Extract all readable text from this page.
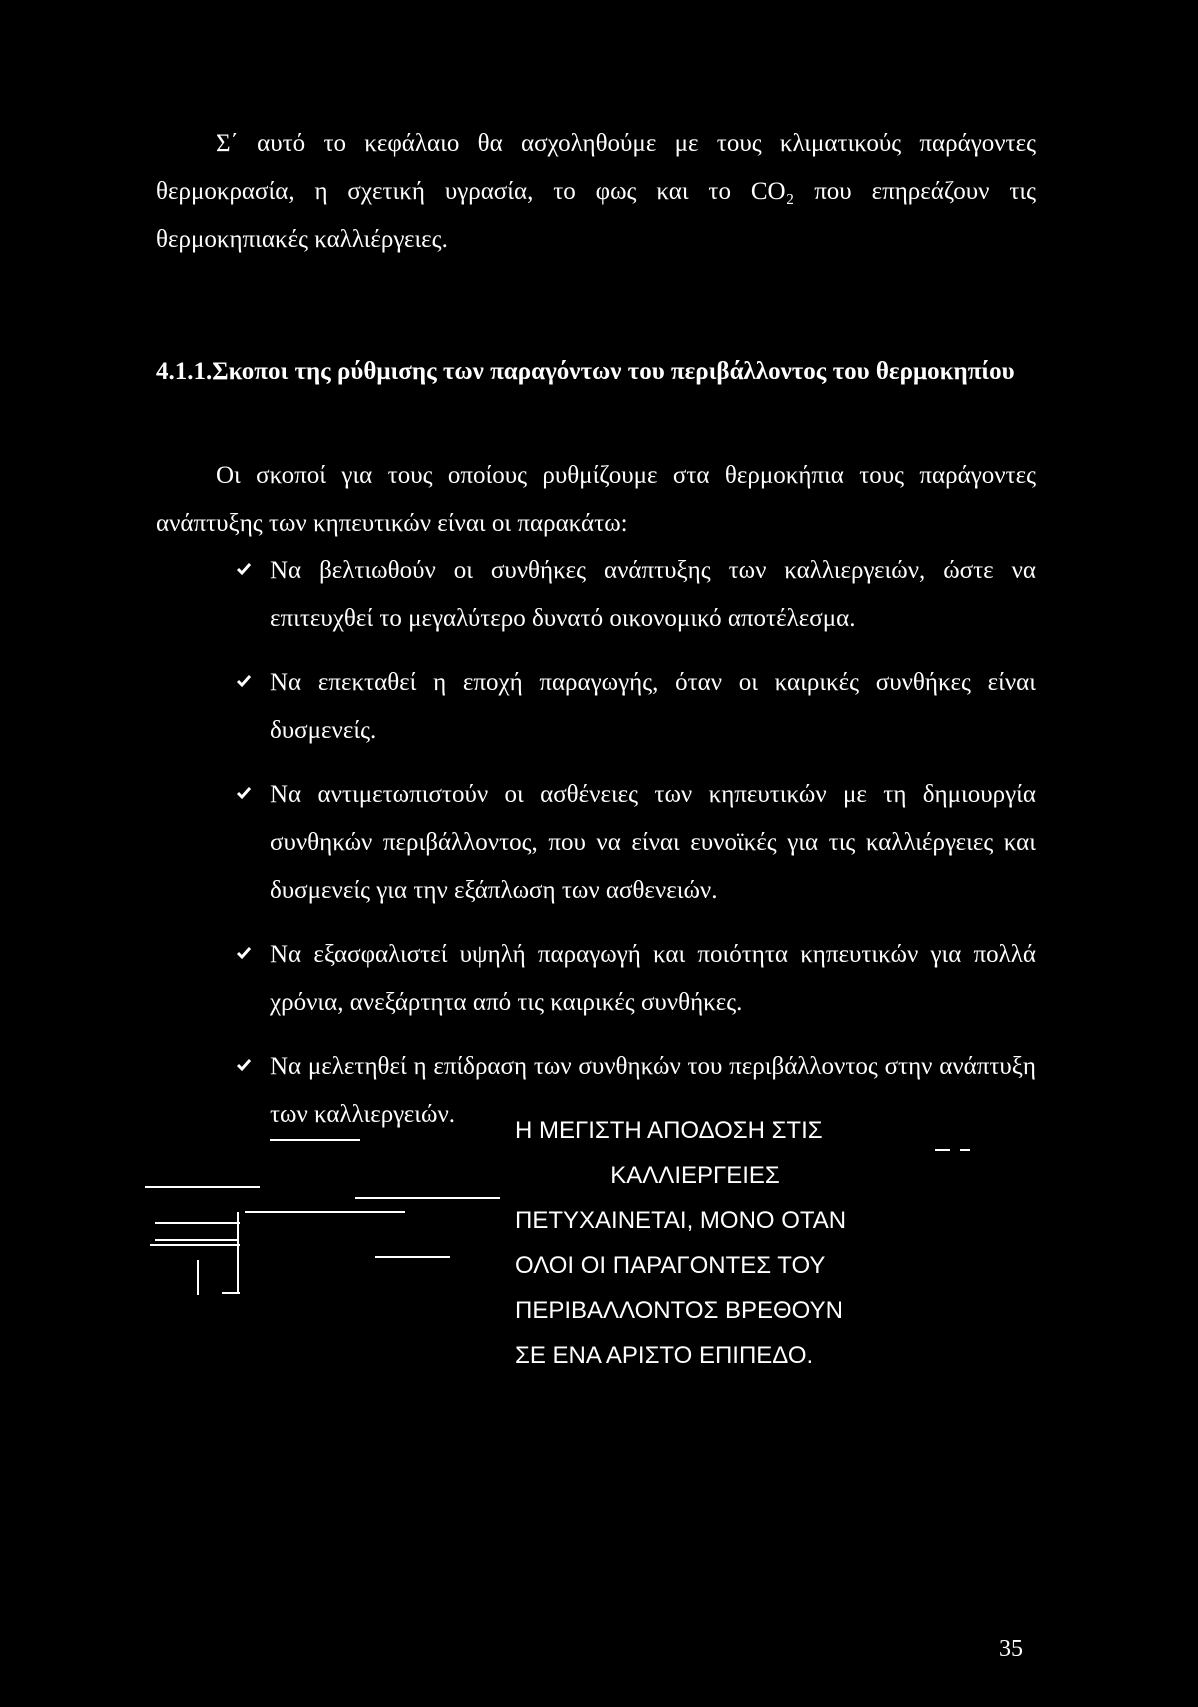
Σ΄ αυτό το κεφάλαιο θα ασχοληθούμε με τους κλιματικούς παράγοντες θερμοκρασία, η σχετική υγρασία, το φως και το CO₂ που επηρεάζουν τις θερμοκηπιακές καλλιέργειες.

4.1.1.Σκοποι της ρύθμισης των παραγόντων του περιβάλλοντος του θερμοκηπίου

Οι σκοποί για τους οποίους ρυθμίζουμε στα θερμοκήπια τους παράγοντες ανάπτυξης των κηπευτικών είναι οι παρακάτω:

Να βελτιωθούν οι συνθήκες ανάπτυξης των καλλιεργειών, ώστε να επιτευχθεί το μεγαλύτερο δυνατό οικονομικό αποτέλεσμα.
Να επεκταθεί η εποχή παραγωγής, όταν οι καιρικές συνθήκες είναι δυσμενείς.
Να αντιμετωπιστούν οι ασθένειες των κηπευτικών με τη δημιουργία συνθηκών περιβάλλοντος, που να είναι ευνοϊκές για τις καλλιέργειες και δυσμενείς για την εξάπλωση των ασθενειών.
Να εξασφαλιστεί υψηλή παραγωγή και ποιότητα κηπευτικών για πολλά χρόνια, ανεξάρτητα από τις καιρικές συνθήκες.
Να μελετηθεί η επίδραση των συνθηκών του περιβάλλοντος στην ανάπτυξη των καλλιεργειών.
Η ΜΕΓΙΣΤΗ ΑΠΟΔΟΣΗ ΣΤΙΣ
ΚΑΛΛΙΕΡΓΕΙΕΣ
ΠΕΤΥΧΑΙΝΕΤΑΙ, ΜΟΝΟ ΟΤΑΝ
ΟΛΟΙ ΟΙ ΠΑΡΑΓΟΝΤΕΣ ΤΟΥ
ΠΕΡΙΒΑΛΛΟΝΤΟΣ ΒΡΕΘΟΥΝ
ΣΕ ΕΝΑ ΑΡΙΣΤΟ ΕΠΙΠΕΔΟ.

35
